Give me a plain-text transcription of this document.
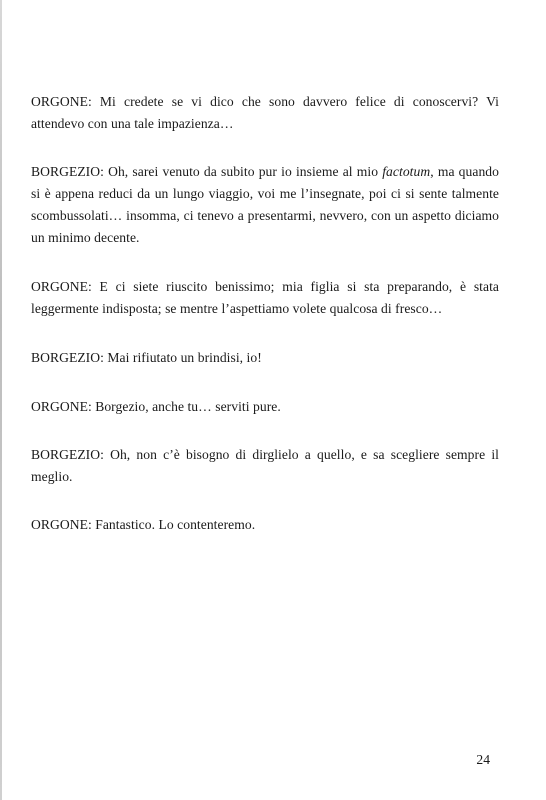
ORGONE: Mi credete se vi dico che sono davvero felice di conoscervi? Vi attendevo con una tale impazienza…

BORGEZIO: Oh, sarei venuto da subito pur io insieme al mio factotum, ma quando si è appena reduci da un lungo viaggio, voi me l’insegnate, poi ci si sente talmente scombussolati… insomma, ci tenevo a presentarmi, nevvero, con un aspetto diciamo un minimo decente.

ORGONE: E ci siete riuscito benissimo; mia figlia si sta preparando, è stata leggermente indisposta; se mentre l’aspettiamo volete qualcosa di fresco…

BORGEZIO: Mai rifiutato un brindisi, io!

ORGONE: Borgezio, anche tu… serviti pure.

BORGEZIO: Oh, non c’è bisogno di dirglielo a quello, e sa scegliere sempre il meglio.

ORGONE: Fantastico. Lo contenteremo.

24
